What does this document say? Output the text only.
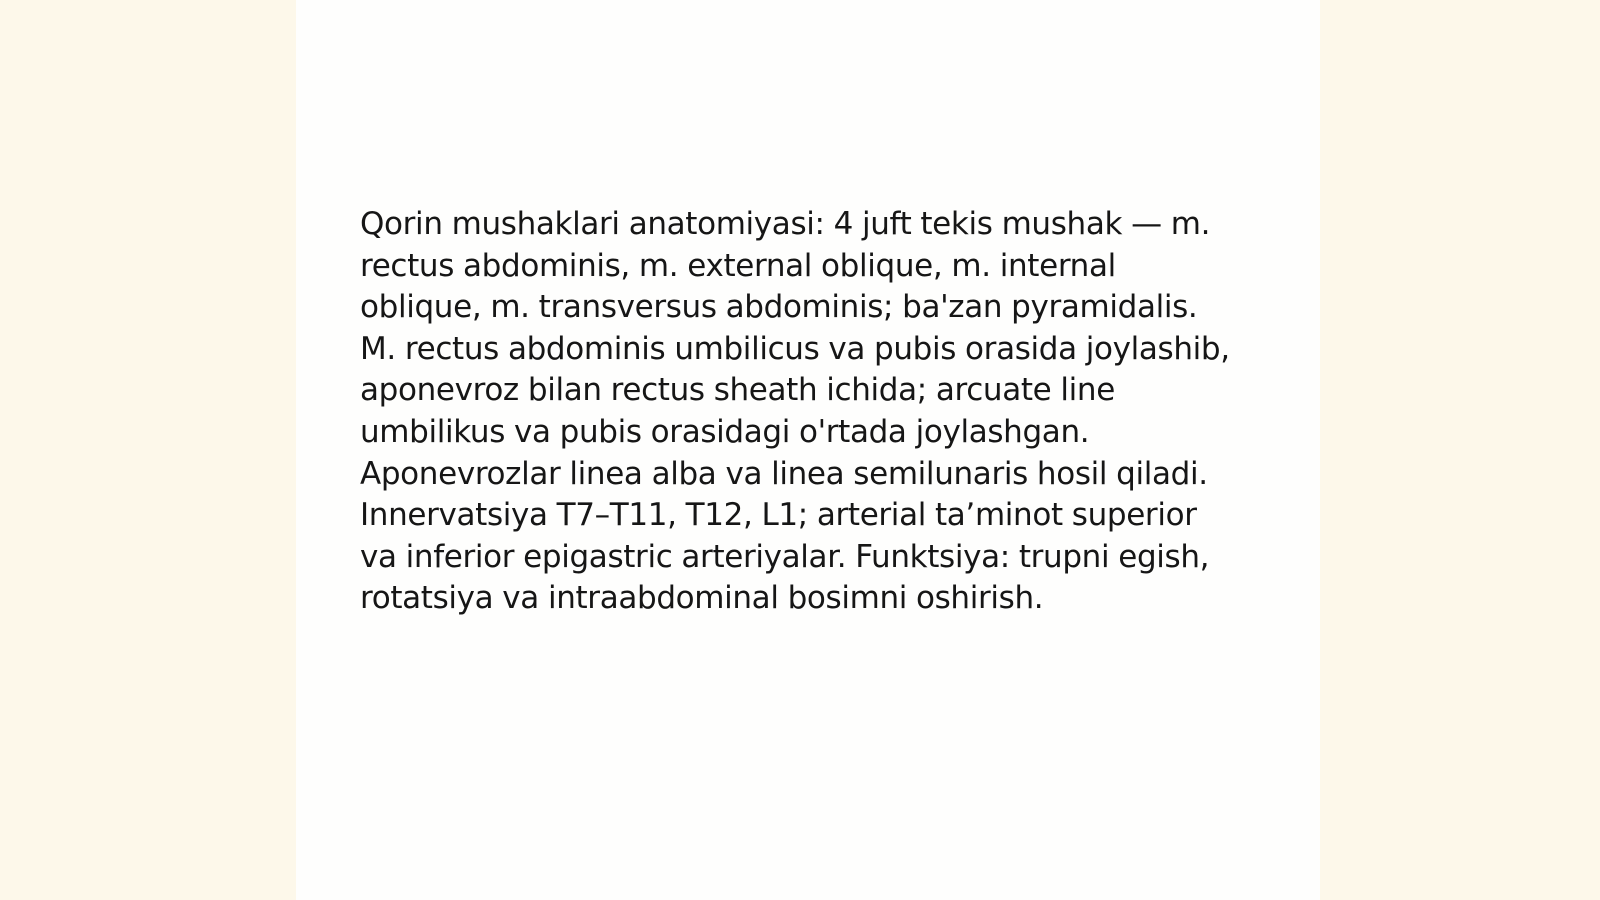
Qorin mushaklari anatomiyasi: 4 juft tekis mushak — m. rectus abdominis, m. external oblique, m. internal oblique, m. transversus abdominis; ba'zan pyramidalis. M. rectus abdominis umbilicus va pubis orasida joylashib, aponevroz bilan rectus sheath ichida; arcuate line umbilikus va pubis orasidagi o'rtada joylashgan. Aponevrozlar linea alba va linea semilunaris hosil qiladi. Innervatsiya T7–T11, T12, L1; arterial ta’minot superior va inferior epigastric arteriyalar. Funktsiya: trupni egish, rotatsiya va intraabdominal bosimni oshirish.
